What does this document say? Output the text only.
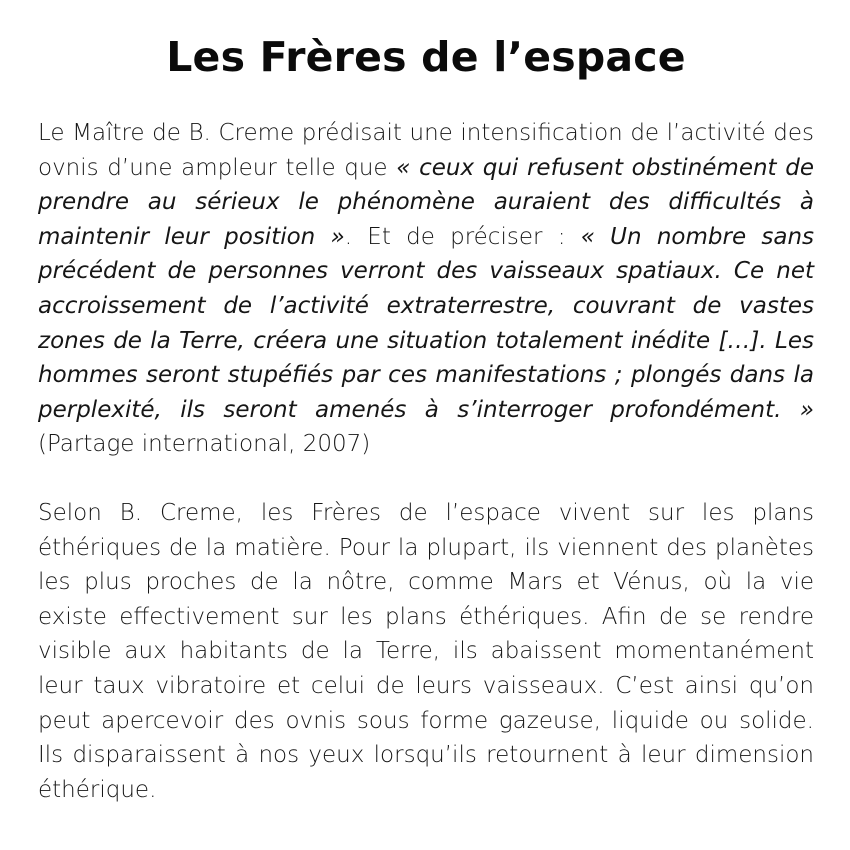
Les Frères de l’espace

Le Maître de B. Creme prédisait une intensification de l’activité des ovnis d’une ampleur telle que « ceux qui refusent obstinément de prendre au sérieux le phénomène auraient des difficultés à maintenir leur position ». Et de préciser : « Un nombre sans précédent de personnes verront des vaisseaux spatiaux. Ce net accroissement de l’activité extraterrestre, couvrant de vastes zones de la Terre, créera une situation totalement inédite […]. Les hommes seront stupéfiés par ces manifestations ; plongés dans la perplexité, ils seront amenés à s’interroger profondément. » (Partage international, 2007)

Selon B. Creme, les Frères de l’espace vivent sur les plans éthériques de la matière. Pour la plupart, ils viennent des planètes les plus proches de la nôtre, comme Mars et Vénus, où la vie existe effectivement sur les plans éthériques. Afin de se rendre visible aux habitants de la Terre, ils abaissent momentanément leur taux vibratoire et celui de leurs vaisseaux. C’est ainsi qu’on peut apercevoir des ovnis sous forme gazeuse, liquide ou solide. Ils disparaissent à nos yeux lorsqu’ils retournent à leur dimension éthérique.
